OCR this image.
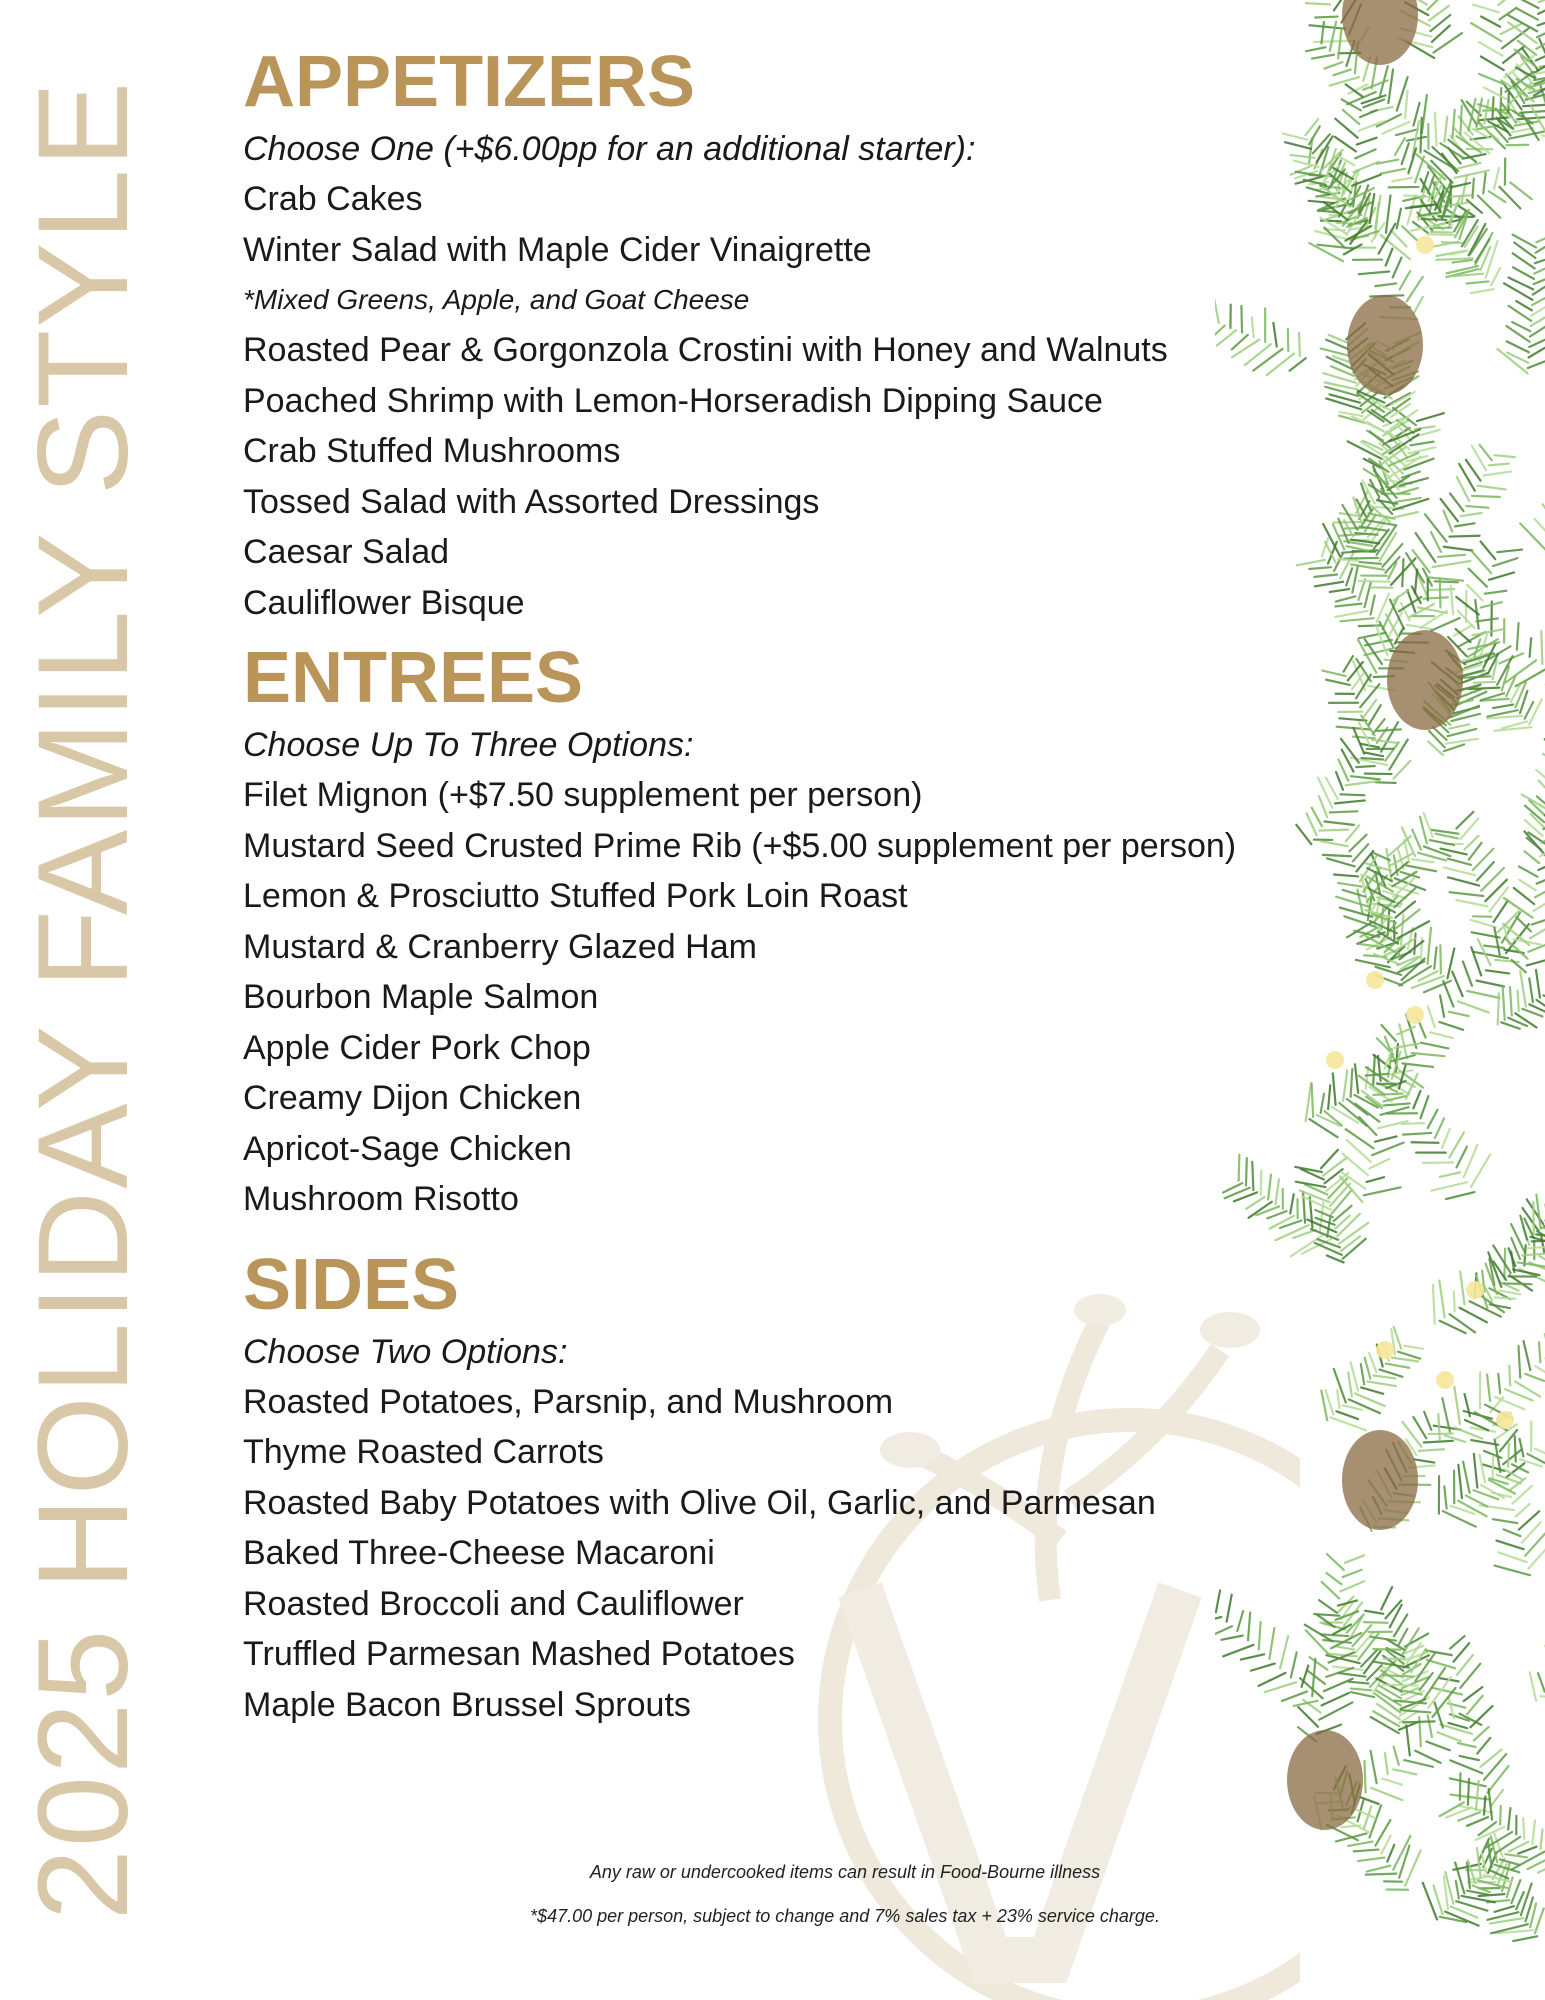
2025 HOLIDAY FAMILY STYLE APPETIZERS

Choose One (+$6.00pp for an additional starter):

Crab Cakes

Winter Salad with Maple Cider Vinaigrette

*Mixed Greens, Apple, and Goat Cheese

Roasted Pear & Gorgonzola Crostini with Honey and Walnuts

Poached Shrimp with Lemon-Horseradish Dipping Sauce

Crab Stuffed Mushrooms

Tossed Salad with Assorted Dressings

Caesar Salad

Cauliflower Bisque

ENTREES

Choose Up To Three Options:

Filet Mignon (+$7.50 supplement per person)

Mustard Seed Crusted Prime Rib (+$5.00 supplement per person)

Lemon & Prosciutto Stuffed Pork Loin Roast

Mustard & Cranberry Glazed Ham

Bourbon Maple Salmon

Apple Cider Pork Chop

Creamy Dijon Chicken

Apricot-Sage Chicken

Mushroom Risotto

SIDES

Choose Two Options:

Roasted Potatoes, Parsnip, and Mushroom

Thyme Roasted Carrots

Roasted Baby Potatoes with Olive Oil, Garlic, and Parmesan

Baked Three-Cheese Macaroni

Roasted Broccoli and Cauliflower

Truffled Parmesan Mashed Potatoes

Maple Bacon Brussel Sprouts

Any raw or undercooked items can result in Food-Bourne illness
*$47.00 per person, subject to change and 7% sales tax + 23% service charge.
